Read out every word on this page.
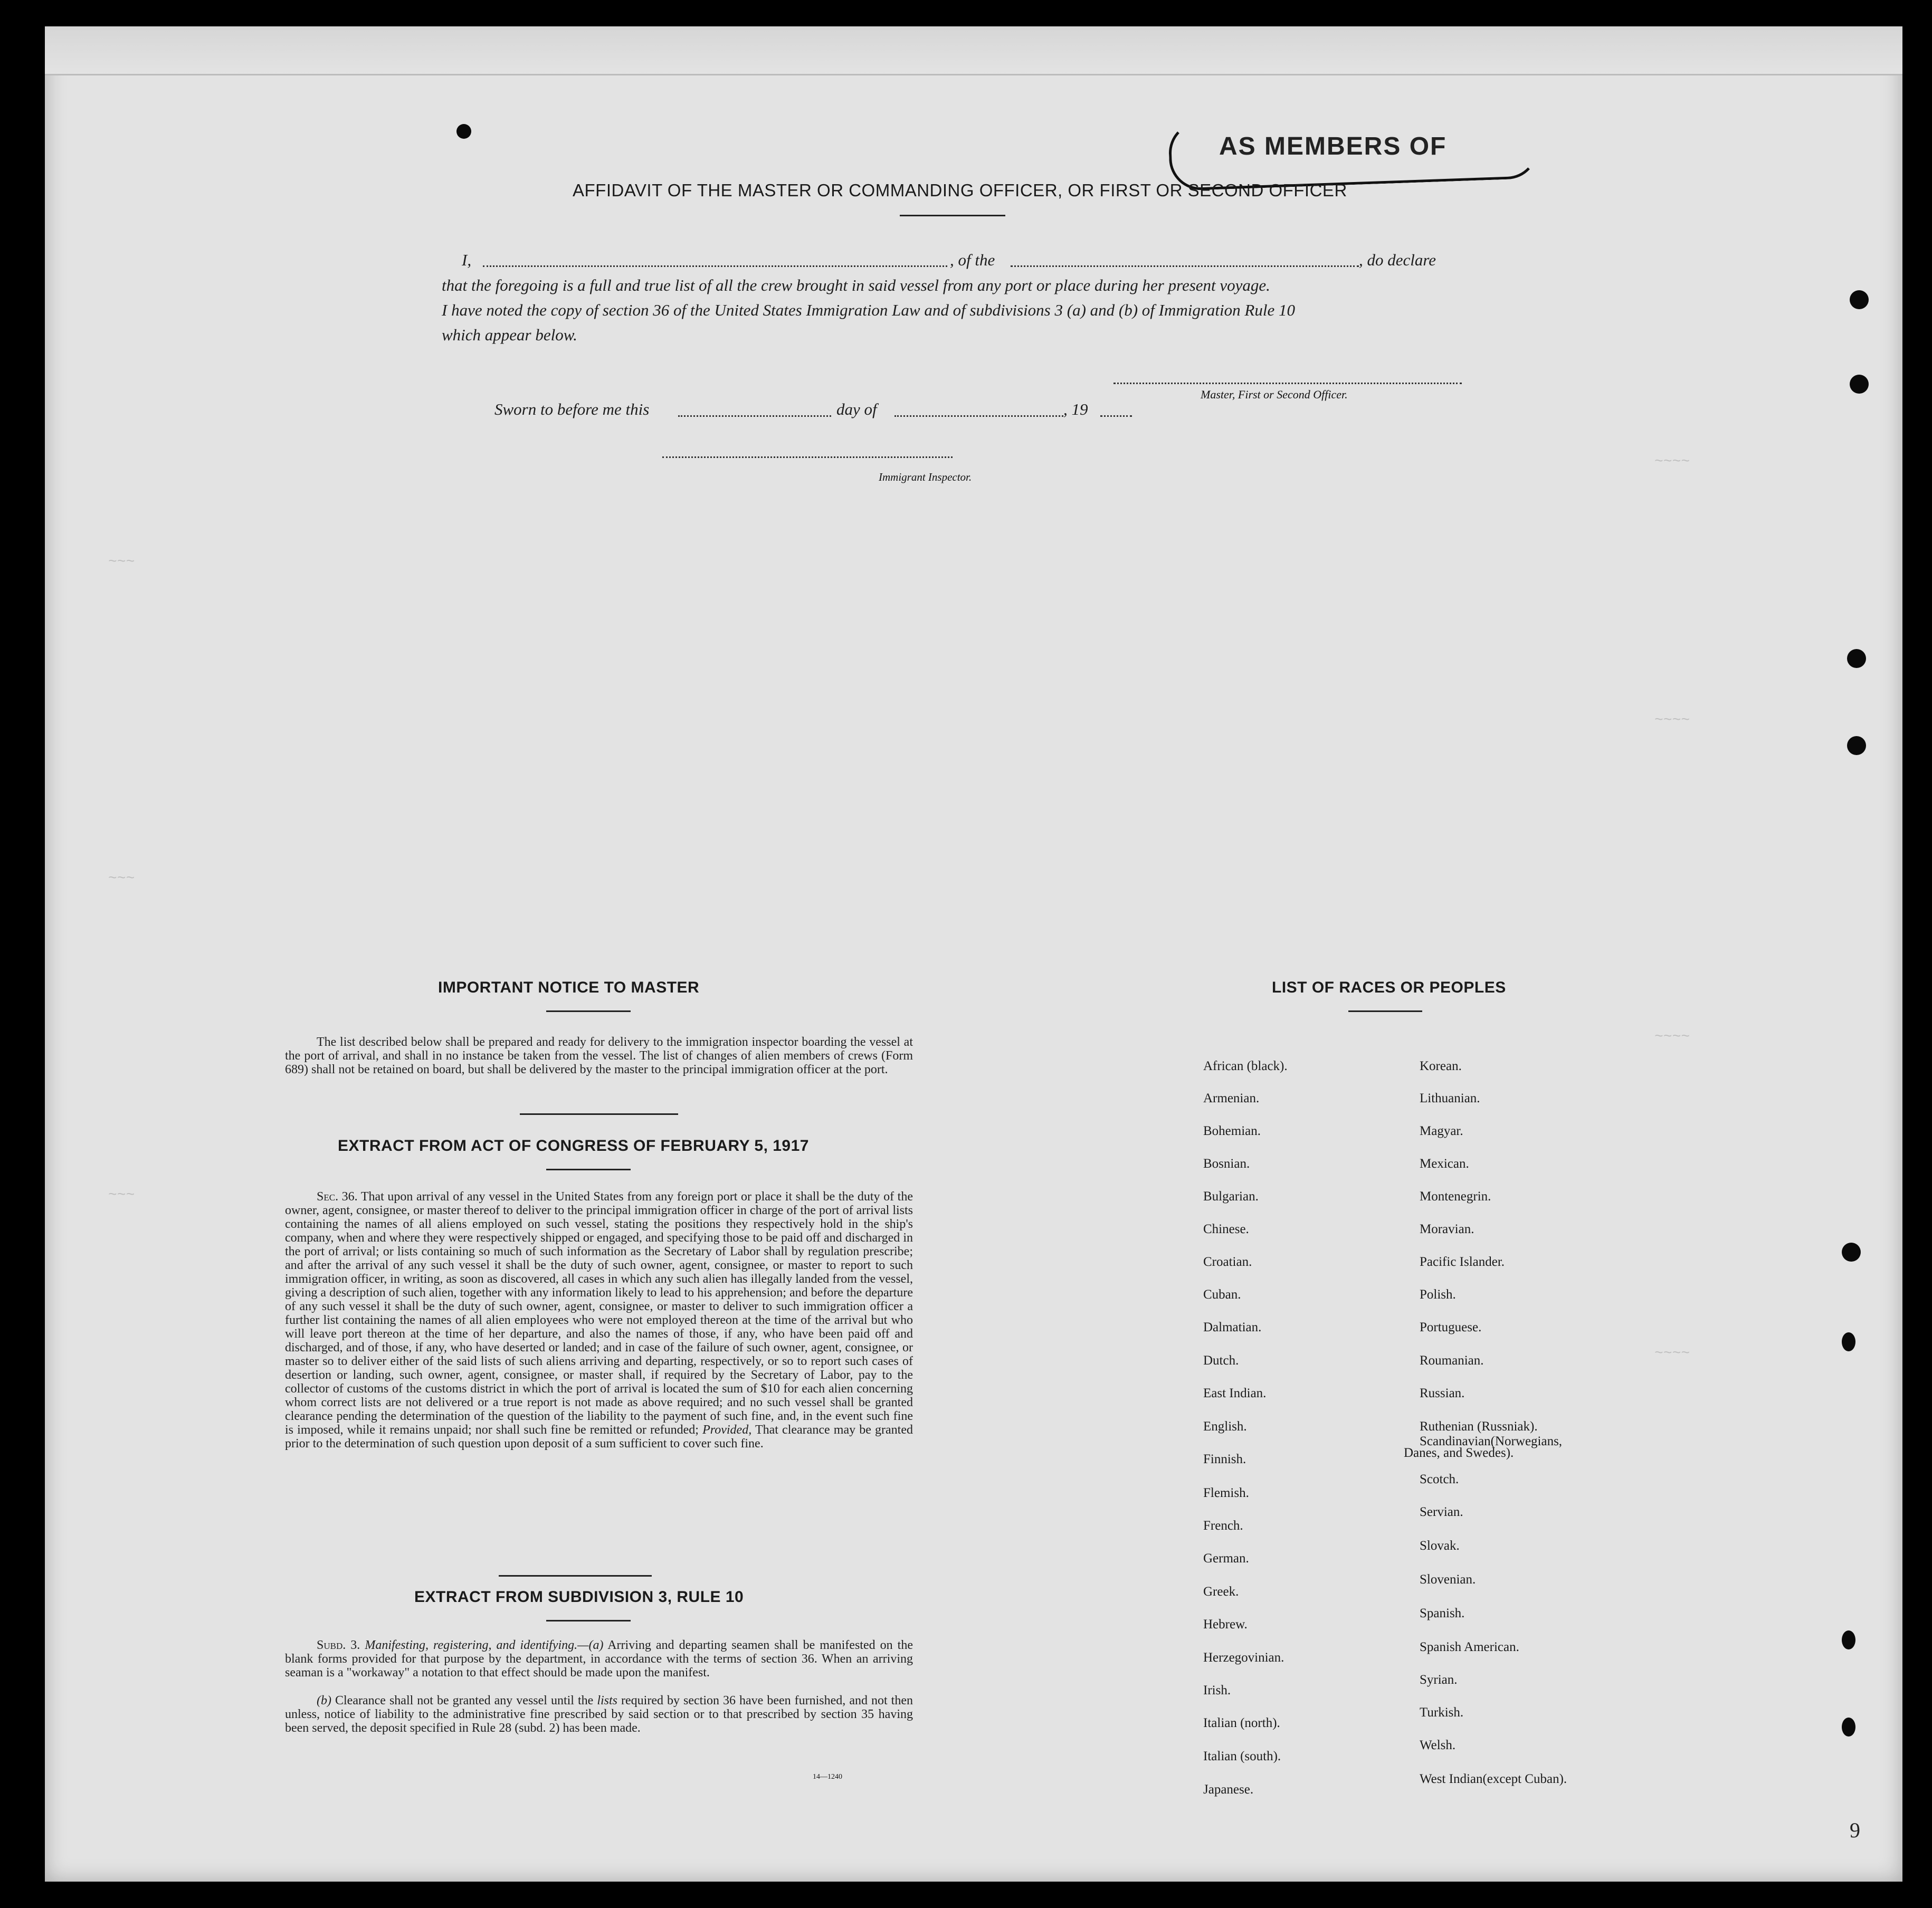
~~~~
~~~~
~~~~
~~~~
~~~
~~~
~~~
AS MEMBERS OF
AFFIDAVIT OF THE MASTER OR COMMANDING OFFICER, OR FIRST OR SECOND OFFICER
I,	, of the	, do declare
that the foregoing is a full and true list of all the crew brought in said vessel from any port or place during her present voyage.
I have noted the copy of section 36 of the United States Immigration Law and of subdivisions 3 (a) and (b) of Immigration Rule 10
which appear below.
Master, First or Second Officer.
Sworn to before me this	day of	, 19
Immigrant Inspector.
IMPORTANT NOTICE TO MASTER
The list described below shall be prepared and ready for delivery to the immigration inspector boarding the vessel at the port of arrival, and shall in no instance be taken from the vessel. The list of changes of alien members of crews (Form 689) shall not be retained on board, but shall be delivered by the master to the principal immigration officer at the port.
EXTRACT FROM ACT OF CONGRESS OF FEBRUARY 5, 1917
Sec. 36. That upon arrival of any vessel in the United States from any foreign port or place it shall be the duty of the owner, agent, consignee, or master thereof to deliver to the principal immigration officer in charge of the port of arrival lists containing the names of all aliens employed on such vessel, stating the positions they respectively hold in the ship's company, when and where they were respectively shipped or engaged, and specifying those to be paid off and discharged in the port of arrival; or lists containing so much of such information as the Secretary of Labor shall by regulation prescribe; and after the arrival of any such vessel it shall be the duty of such owner, agent, consignee, or master to report to such immigration officer, in writing, as soon as discovered, all cases in which any such alien has illegally landed from the vessel, giving a description of such alien, together with any information likely to lead to his apprehension; and before the departure of any such vessel it shall be the duty of such owner, agent, consignee, or master to deliver to such immigration officer a further list containing the names of all alien employees who were not employed thereon at the time of the arrival but who will leave port thereon at the time of her departure, and also the names of those, if any, who have been paid off and discharged, and of those, if any, who have deserted or landed; and in case of the failure of such owner, agent, consignee, or master so to deliver either of the said lists of such aliens arriving and departing, respectively, or so to report such cases of desertion or landing, such owner, agent, consignee, or master shall, if required by the Secretary of Labor, pay to the collector of customs of the customs district in which the port of arrival is located the sum of $10 for each alien concerning whom correct lists are not delivered or a true report is not made as above required; and no such vessel shall be granted clearance pending the determination of the question of the liability to the payment of such fine, and, in the event such fine is imposed, while it remains unpaid; nor shall such fine be remitted or refunded; Provided, That clearance may be granted prior to the determination of such question upon deposit of a sum sufficient to cover such fine.
EXTRACT FROM SUBDIVISION 3, RULE 10
Subd. 3. Manifesting, registering, and identifying.—(a) Arriving and departing seamen shall be manifested on the blank forms provided for that purpose by the department, in accordance with the terms of section 36. When an arriving seaman is a "workaway" a notation to that effect should be made upon the manifest.
(b) Clearance shall not be granted any vessel until the lists required by section 36 have been furnished, and not then unless, notice of liability to the administrative fine prescribed by said section or to that prescribed by section 35 having been served, the deposit specified in Rule 28 (subd. 2) has been made.
14—1240
LIST OF RACES OR PEOPLES
African (black).
Armenian.
Bohemian.
Bosnian.
Bulgarian.
Chinese.
Croatian.
Cuban.
Dalmatian.
Dutch.
East Indian.
English.
Finnish.
Flemish.
French.
German.
Greek.
Hebrew.
Herzegovinian.
Irish.
Italian (north).
Italian (south).
Japanese.
Korean.
Lithuanian.
Magyar.
Mexican.
Montenegrin.
Moravian.
Pacific Islander.
Polish.
Portuguese.
Roumanian.
Russian.
Ruthenian (Russniak).
Scandinavian(Norwegians,
Scotch.
Servian.
Slovak.
Slovenian.
Spanish.
Spanish American.
Syrian.
Turkish.
Welsh.
West Indian(except Cuban).
Danes, and Swedes).
9
